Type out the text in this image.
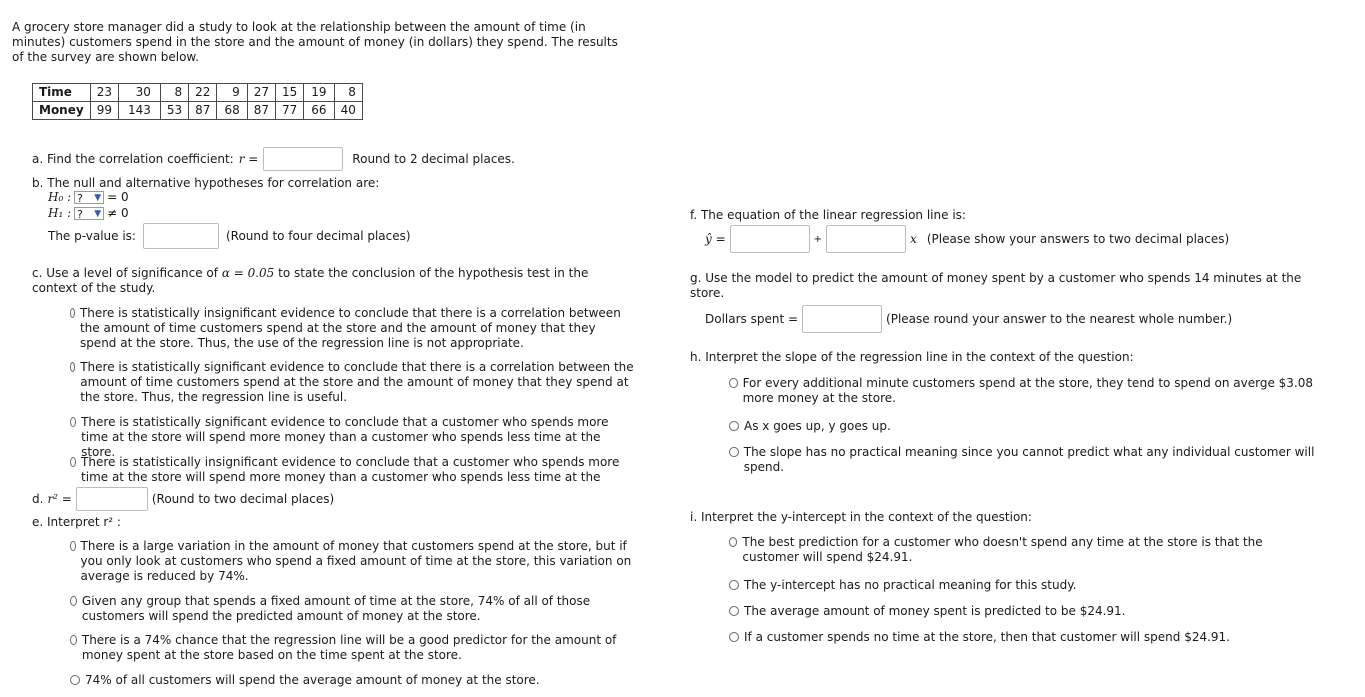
A grocery store manager did a study to look at the relationship between the amount of time (in minutes) customers spend in the store and the amount of money (in dollars) they spend. The results of the survey are shown below.
Time	23	30	8	22	9	27	15	19	8
Money	99	143	53	87	68	87	77	66	40
a. Find the correlation coefficient: r =	Round to 2 decimal places.
b. The null and alternative hypotheses for correlation are:
H₀ : ? ▼ = 0
H₁ : ? ▼ ≠ 0
The p-value is:	(Round to four decimal places)
c. Use a level of significance of α = 0.05 to state the conclusion of the hypothesis test in the context of the study.
There is statistically insignificant evidence to conclude that there is a correlation between the amount of time customers spend at the store and the amount of money that they spend at the store. Thus, the use of the regression line is not appropriate.
There is statistically significant evidence to conclude that there is a correlation between the amount of time customers spend at the store and the amount of money that they spend at the store. Thus, the regression line is useful.
There is statistically significant evidence to conclude that a customer who spends more time at the store will spend more money than a customer who spends less time at the store.
There is statistically insignificant evidence to conclude that a customer who spends more time at the store will spend more money than a customer who spends less time at the
d. r² =	(Round to two decimal places)
e. Interpret r² :
There is a large variation in the amount of money that customers spend at the store, but if you only look at customers who spend a fixed amount of time at the store, this variation on average is reduced by 74%.
Given any group that spends a fixed amount of time at the store, 74% of all of those customers will spend the predicted amount of money at the store.
There is a 74% chance that the regression line will be a good predictor for the amount of money spent at the store based on the time spent at the store.
74% of all customers will spend the average amount of money at the store.
f. The equation of the linear regression line is:
ŷ =	+	x (Please show your answers to two decimal places)
g. Use the model to predict the amount of money spent by a customer who spends 14 minutes at the store.
Dollars spent =	(Please round your answer to the nearest whole number.)
h. Interpret the slope of the regression line in the context of the question:
For every additional minute customers spend at the store, they tend to spend on averge $3.08 more money at the store.
As x goes up, y goes up.
The slope has no practical meaning since you cannot predict what any individual customer will spend.
i. Interpret the y-intercept in the context of the question:
The best prediction for a customer who doesn't spend any time at the store is that the customer will spend $24.91.
The y-intercept has no practical meaning for this study.
The average amount of money spent is predicted to be $24.91.
If a customer spends no time at the store, then that customer will spend $24.91.
